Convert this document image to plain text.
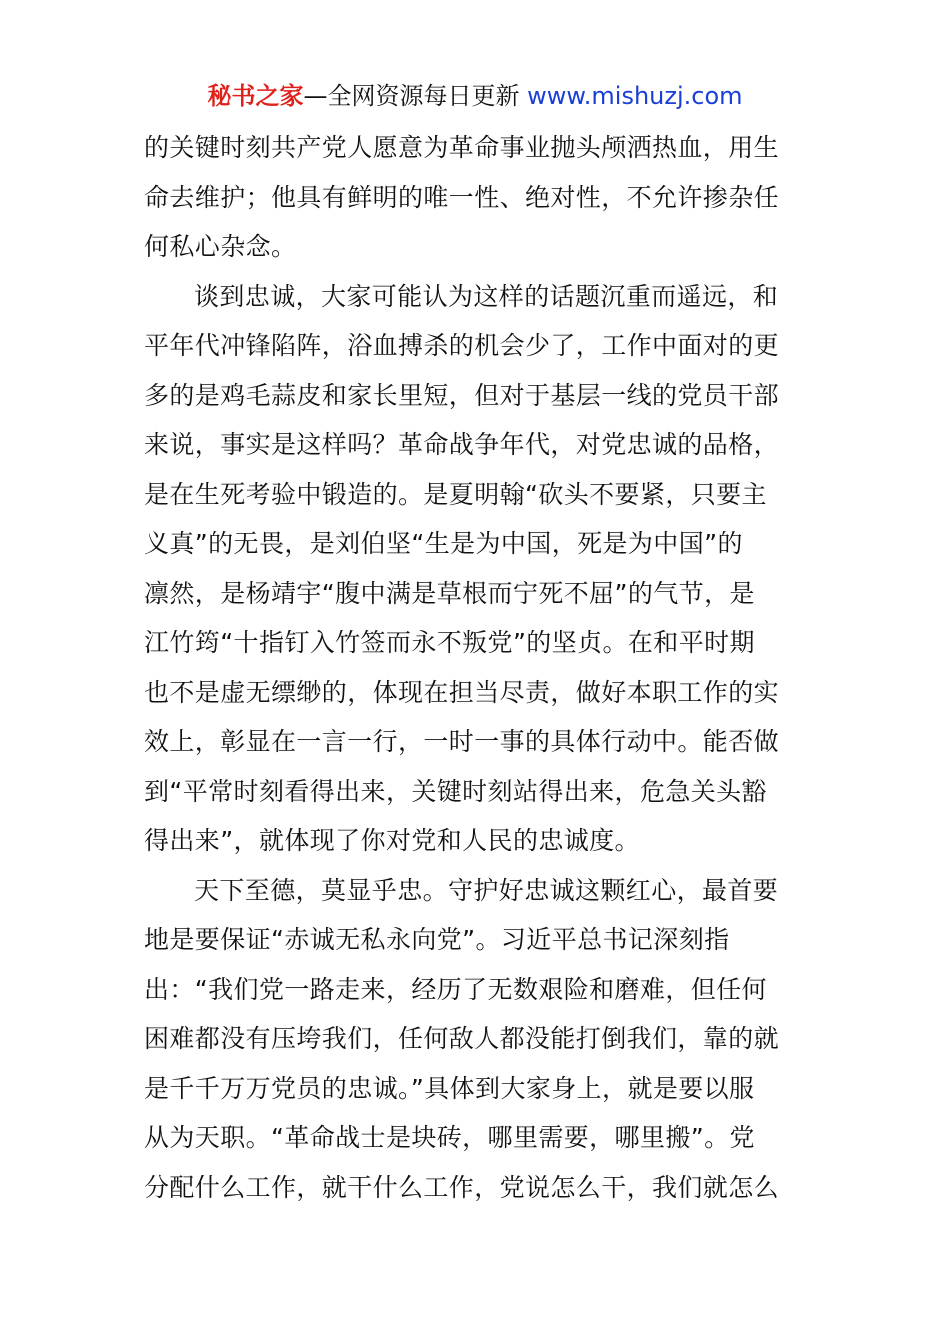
秘书之家—全网资源每日更新 www.mishuzj.com
的关键时刻共产党人愿意为革命事业抛头颅洒热血，用生
命去维护；他具有鲜明的唯一性、绝对性，不允许掺杂任
何私心杂念。
谈到忠诚，大家可能认为这样的话题沉重而遥远，和
平年代冲锋陷阵，浴血搏杀的机会少了，工作中面对的更
多的是鸡毛蒜皮和家长里短，但对于基层一线的党员干部
来说，事实是这样吗？革命战争年代，对党忠诚的品格，
是在生死考验中锻造的。是夏明翰“砍头不要紧，只要主
义真”的无畏，是刘伯坚“生是为中国，死是为中国”的
凛然，是杨靖宇“腹中满是草根而宁死不屈”的气节，是
江竹筠“十指钉入竹签而永不叛党”的坚贞。在和平时期
也不是虚无缥缈的，体现在担当尽责，做好本职工作的实
效上，彰显在一言一行，一时一事的具体行动中。能否做
到“平常时刻看得出来，关键时刻站得出来，危急关头豁
得出来”，就体现了你对党和人民的忠诚度。
天下至德，莫显乎忠。守护好忠诚这颗红心，最首要
地是要保证“赤诚无私永向党”。习近平总书记深刻指
出：“我们党一路走来，经历了无数艰险和磨难，但任何
困难都没有压垮我们，任何敌人都没能打倒我们，靠的就
是千千万万党员的忠诚。”具体到大家身上，就是要以服
从为天职。“革命战士是块砖，哪里需要，哪里搬”。党
分配什么工作，就干什么工作，党说怎么干，我们就怎么
